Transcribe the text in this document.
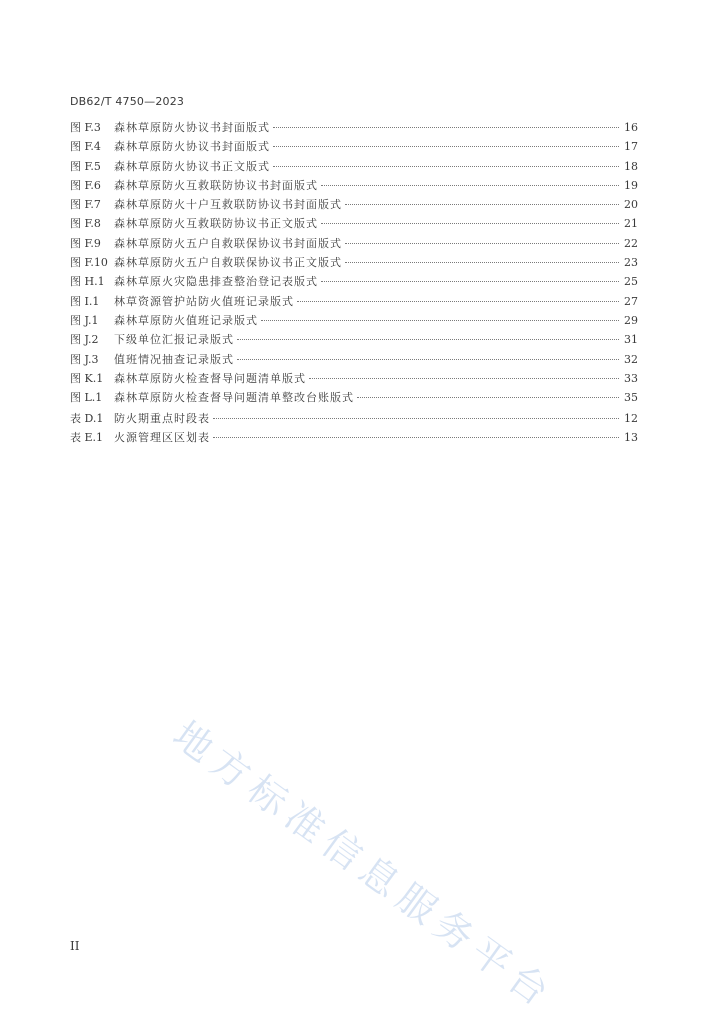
DB62/T 4750—2023
图 F.3	森林草原防火协议书封面版式	16
图 F.4	森林草原防火协议书封面版式	17
图 F.5	森林草原防火协议书正文版式	18
图 F.6	森林草原防火互救联防协议书封面版式	19
图 F.7	森林草原防火十户互救联防协议书封面版式	20
图 F.8	森林草原防火互救联防协议书正文版式	21
图 F.9	森林草原防火五户自救联保协议书封面版式	22
图 F.10 森林草原防火五户自救联保协议书正文版式	23
图 H.1 森林草原火灾隐患排查整治登记表版式	25
图 I.1	林草资源管护站防火值班记录版式	27
图 J.1	森林草原防火值班记录版式	29
图 J.2	下级单位汇报记录版式	31
图 J.3	值班情况抽查记录版式	32
图 K.1 森林草原防火检查督导问题清单版式	33
图 L.1	森林草原防火检查督导问题清单整改台账版式	35
表 D.1 防火期重点时段表	12
表 E.1 火源管理区区划表	13
地方标准信息服务平台
II
